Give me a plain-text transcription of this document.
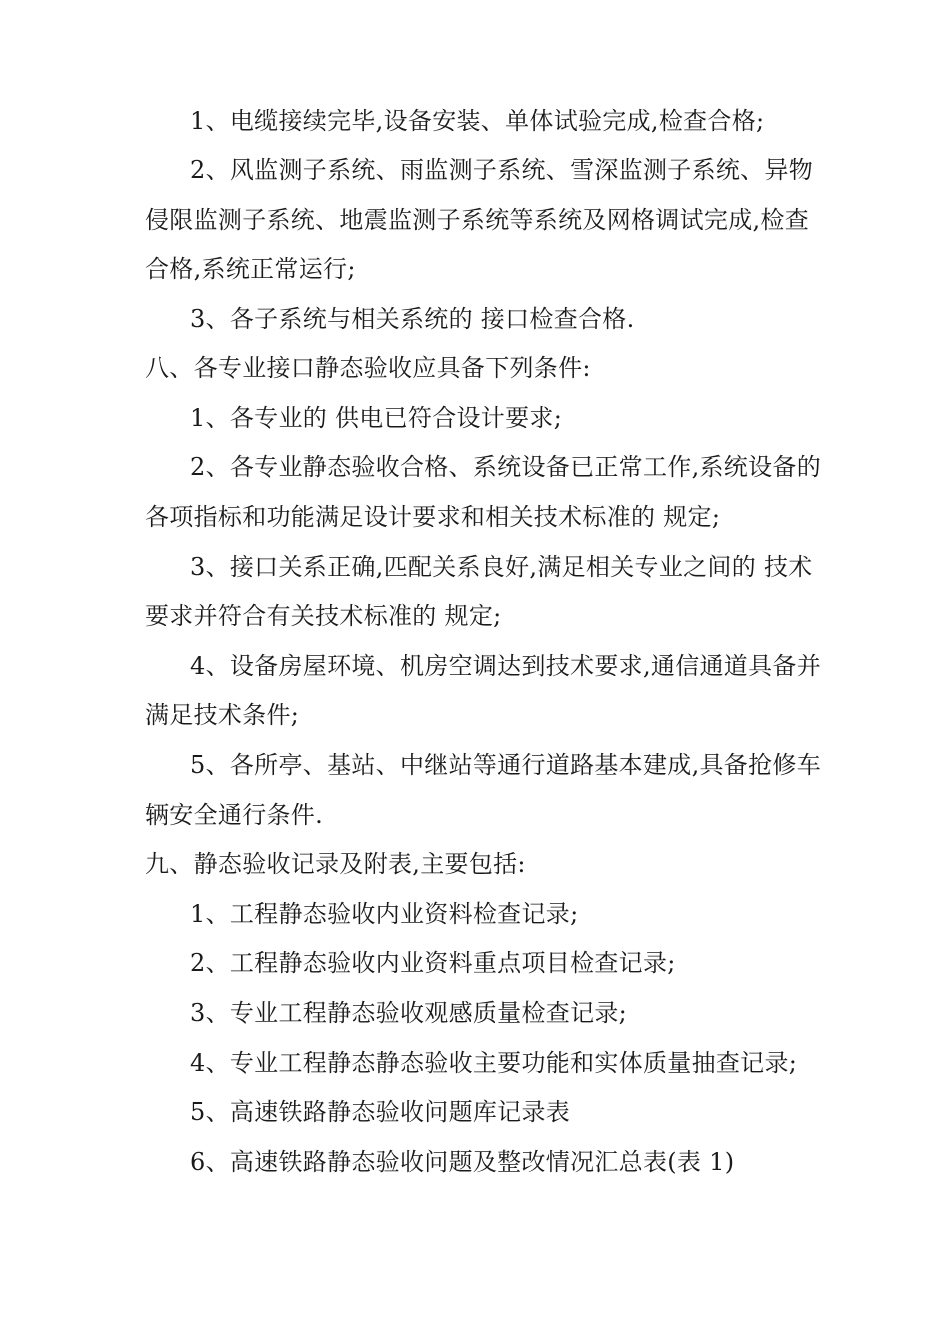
1、电缆接续完毕,设备安装、单体试验完成,检查合格;
2、风监测子系统、雨监测子系统、雪深监测子系统、异物
侵限监测子系统、地震监测子系统等系统及网格调试完成,检查
合格,系统正常运行;
3、各子系统与相关系统的 接口检查合格.
八、各专业接口静态验收应具备下列条件:
1、各专业的 供电已符合设计要求;
2、各专业静态验收合格、系统设备已正常工作,系统设备的
各项指标和功能满足设计要求和相关技术标准的 规定;
3、接口关系正确,匹配关系良好,满足相关专业之间的 技术
要求并符合有关技术标准的 规定;
4、设备房屋环境、机房空调达到技术要求,通信通道具备并
满足技术条件;
5、各所亭、基站、中继站等通行道路基本建成,具备抢修车
辆安全通行条件.
九、静态验收记录及附表,主要包括:
1、工程静态验收内业资料检查记录;
2、工程静态验收内业资料重点项目检查记录;
3、专业工程静态验收观感质量检查记录;
4、专业工程静态静态验收主要功能和实体质量抽查记录;
5、高速铁路静态验收问题库记录表
6、高速铁路静态验收问题及整改情况汇总表(表 1)
